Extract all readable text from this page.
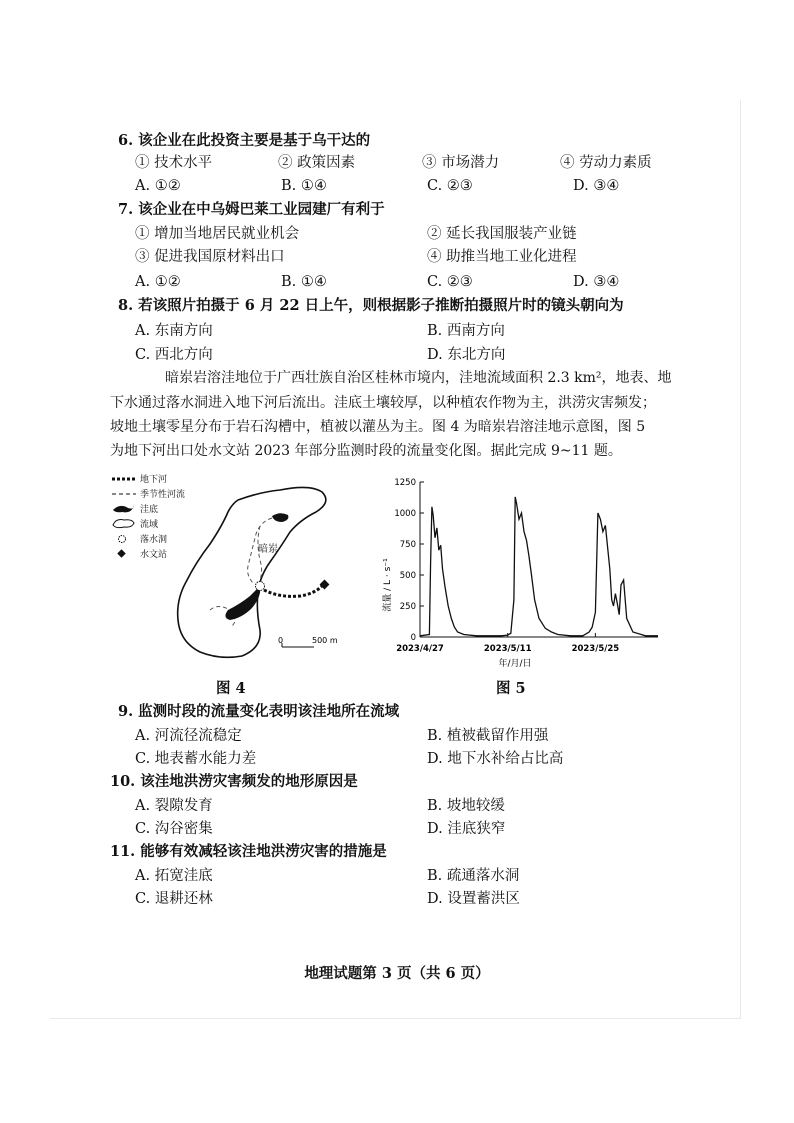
6. 该企业在此投资主要是基于乌干达的
① 技术水平	② 政策因素	③ 市场潜力	④ 劳动力素质
A. ①②	B. ①④	C. ②③	D. ③④
7. 该企业在中乌姆巴莱工业园建厂有利于
① 增加当地居民就业机会	② 延长我国服装产业链
③ 促进我国原材料出口	④ 助推当地工业化进程
A. ①②	B. ①④	C. ②③	D. ③④
8. 若该照片拍摄于 6 月 22 日上午，则根据影子推断拍摄照片时的镜头朝向为
A. 东南方向	B. 西南方向
C. 西北方向	D. 东北方向
暗岽岩溶洼地位于广西壮族自治区桂林市境内，洼地流域面积 2.3 km²，地表、地
下水通过落水洞进入地下河后流出。洼底土壤较厚，以种植农作物为主，洪涝灾害频发；
坡地土壤零星分布于岩石沟槽中，植被以灌丛为主。图 4 为暗岽岩溶洼地示意图，图 5
为地下河出口处水文站 2023 年部分监测时段的流量变化图。据此完成 9~11 题。
地下河
季节性河流
洼底
流域
落水洞
水文站	暗岽
0	500 m
图 4
0
250
500
750
1000
1250
2023/4/27	2023/5/11	2023/5/25
流量 / L · s⁻¹
年/月/日
图 5
9. 监测时段的流量变化表明该洼地所在流域
A. 河流径流稳定	B. 植被截留作用强
C. 地表蓄水能力差	D. 地下水补给占比高
10. 该洼地洪涝灾害频发的地形原因是
A. 裂隙发育	B. 坡地较缓
C. 沟谷密集	D. 洼底狭窄
11. 能够有效减轻该洼地洪涝灾害的措施是
A. 拓宽洼底	B. 疏通落水洞
C. 退耕还林	D. 设置蓄洪区
地理试题第 3 页（共 6 页）
